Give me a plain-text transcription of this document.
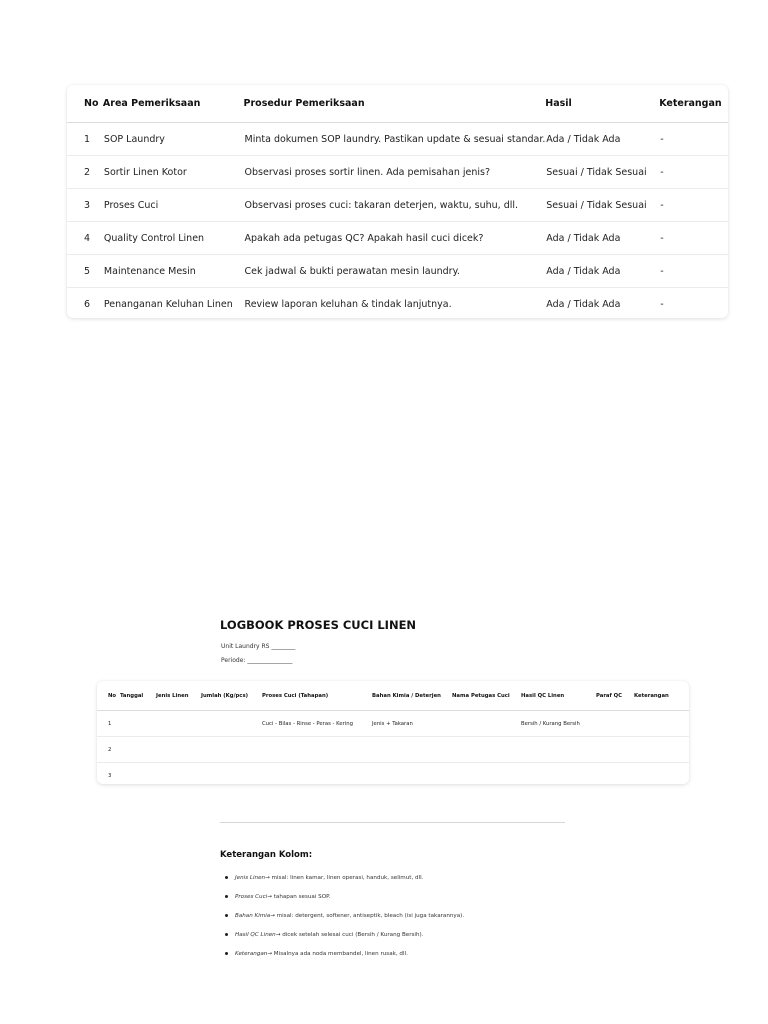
No	Area Pemeriksaan	Prosedur Pemeriksaan	Hasil	Keterangan
1	SOP Laundry	Minta dokumen SOP laundry. Pastikan update & sesuai standar.	Ada / Tidak Ada	-
2	Sortir Linen Kotor	Observasi proses sortir linen. Ada pemisahan jenis?	Sesuai / Tidak Sesuai	-
3	Proses Cuci	Observasi proses cuci: takaran deterjen, waktu, suhu, dll.	Sesuai / Tidak Sesuai	-
4	Quality Control Linen	Apakah ada petugas QC? Apakah hasil cuci dicek?	Ada / Tidak Ada	-
5	Maintenance Mesin	Cek jadwal & bukti perawatan mesin laundry.	Ada / Tidak Ada	-
6	Penanganan Keluhan Linen	Review laporan keluhan & tindak lanjutnya.	Ada / Tidak Ada	-
LOGBOOK PROSES CUCI LINEN
Unit Laundry RS ________
Periode: _______________
No	Tanggal	Jenis Linen	Jumlah (Kg/pcs)	Proses Cuci (Tahapan)	Bahan Kimia / Deterjen	Nama Petugas Cuci	Hasil QC Linen	Paraf QC	Keterangan
1				Cuci - Bilas - Rinse - Peras - Kering	Jenis + Takaran		Bersih / Kurang Bersih		
2									
3									
Keterangan Kolom:
Jenis Linen → misal: linen kamar, linen operasi, handuk, selimut, dll.
Proses Cuci → tahapan sesuai SOP.
Bahan Kimia → misal: detergent, softener, antiseptik, bleach (isi juga takarannya).
Hasil QC Linen → dicek setelah selesai cuci (Bersih / Kurang Bersih).
Keterangan → Misalnya ada noda membandel, linen rusak, dll.
